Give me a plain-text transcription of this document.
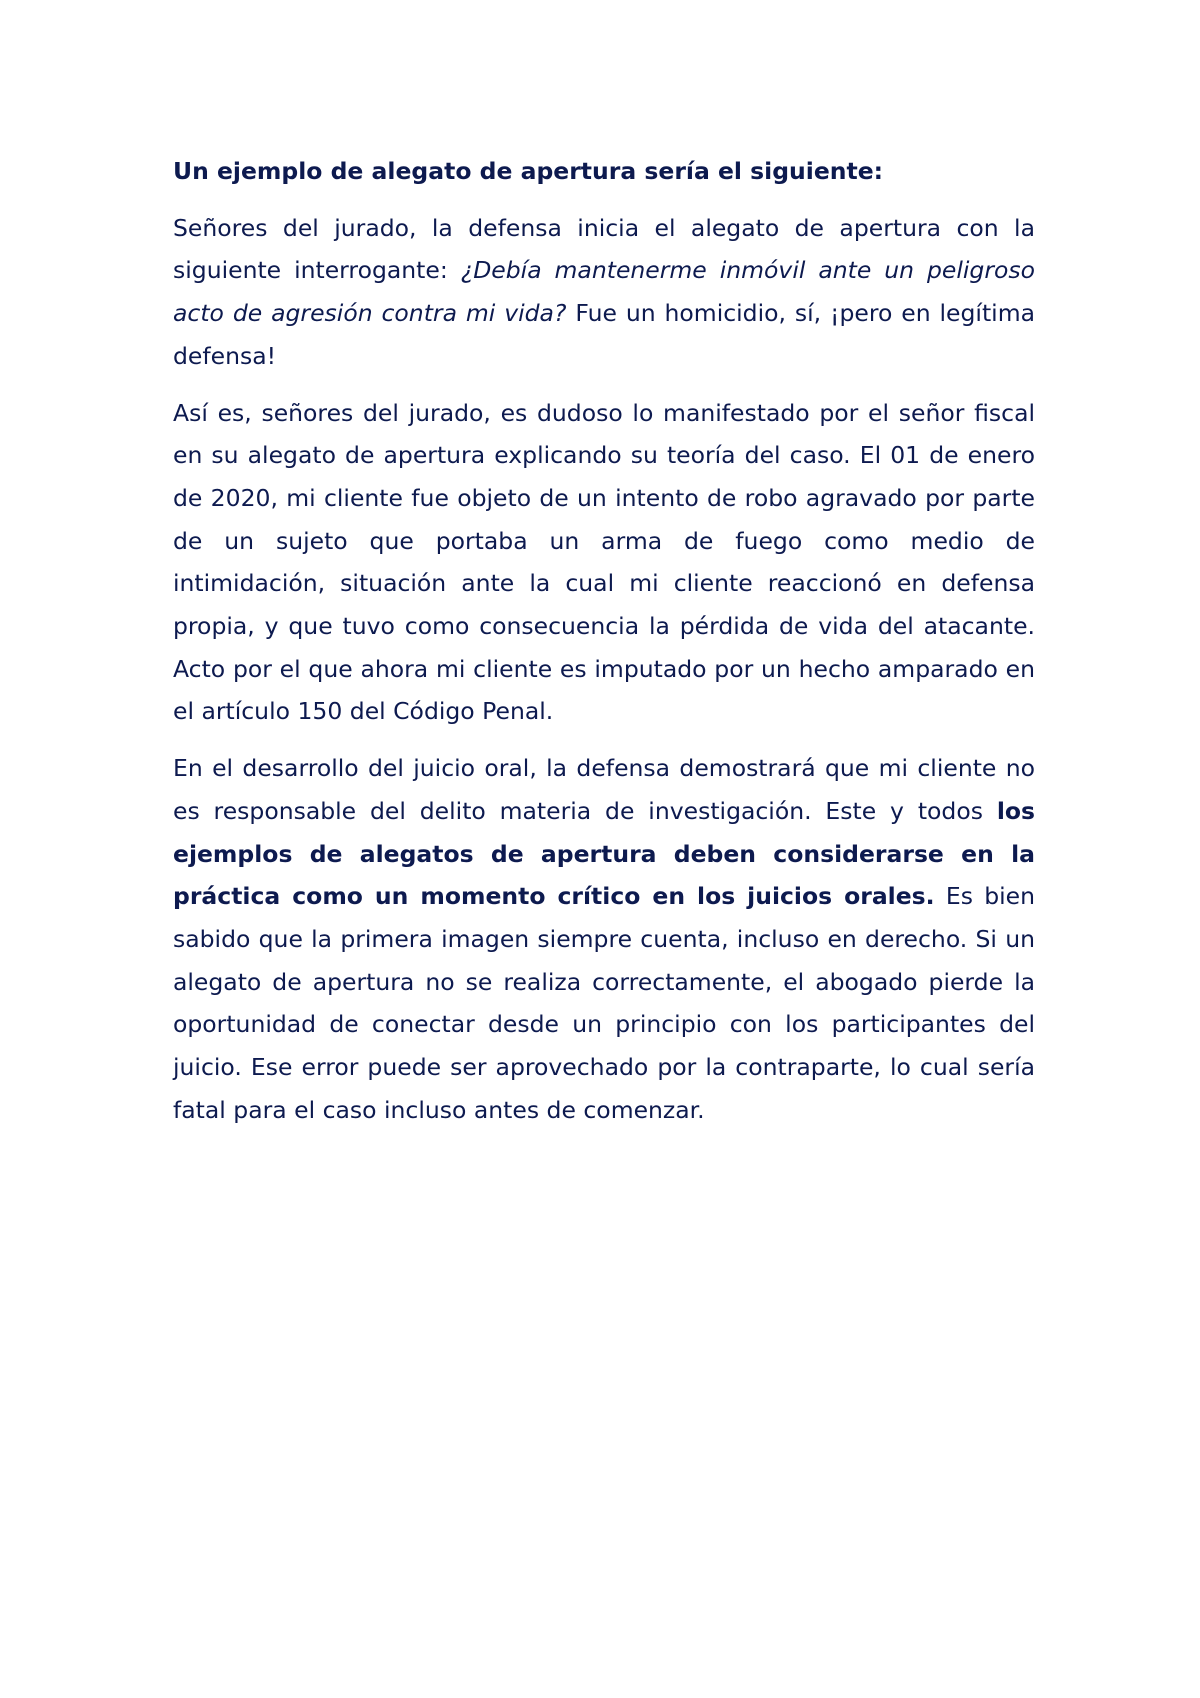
Un ejemplo de alegato de apertura sería el siguiente:

Señores del jurado, la defensa inicia el alegato de apertura con la siguiente interrogante: ¿Debía mantenerme inmóvil ante un peligroso acto de agresión contra mi vida? Fue un homicidio, sí, ¡pero en legítima defensa!

Así es, señores del jurado, es dudoso lo manifestado por el señor fiscal en su alegato de apertura explicando su teoría del caso. El 01 de enero de 2020, mi cliente fue objeto de un intento de robo agravado por parte de un sujeto que portaba un arma de fuego como medio de intimidación, situación ante la cual mi cliente reaccionó en defensa propia, y que tuvo como consecuencia la pérdida de vida del atacante. Acto por el que ahora mi cliente es imputado por un hecho amparado en el artículo 150 del Código Penal.

En el desarrollo del juicio oral, la defensa demostrará que mi cliente no es responsable del delito materia de investigación. Este y todos los ejemplos de alegatos de apertura deben considerarse en la práctica como un momento crítico en los juicios orales. Es bien sabido que la primera imagen siempre cuenta, incluso en derecho. Si un alegato de apertura no se realiza correctamente, el abogado pierde la oportunidad de conectar desde un principio con los participantes del juicio. Ese error puede ser aprovechado por la contraparte, lo cual sería fatal para el caso incluso antes de comenzar.
